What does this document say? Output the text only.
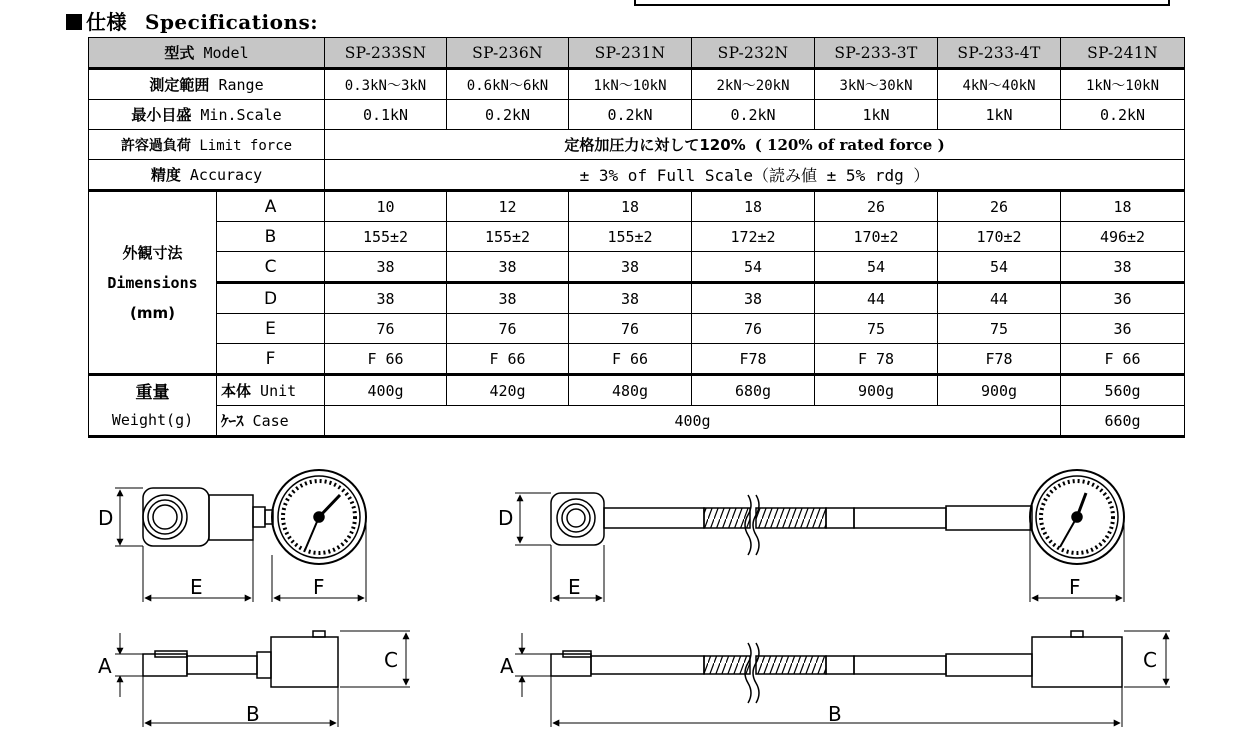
仕様 Specifications:
型式 Model		SP-233SN	SP-236N	SP-231N	SP-232N	SP-233-3T	SP-233-4T	SP-241N
測定範囲 Range		0.3kN～3kN	0.6kN～6kN	1kN～10kN	2kN～20kN	3kN～30kN	4kN～40kN	1kN～10kN
最小目盛 Min.Scale		0.1kN	0.2kN	0.2kN	0.2kN	1kN	1kN	0.2kN
許容過負荷 Limit force		定格加圧力に対して120% ( 120% of rated force )						
精度 Accuracy		± 3% of Full Scale（読み値 ± 5% rdg ）						

外観寸法
Dimensions
(mm)	A	10	12	18	18	26	26	18
	B	155±2	155±2	155±2	172±2	170±2	170±2	496±2
	C	38	38	38	54	54	54	38
	D	38	38	38	38	44	44	36
	E	76	76	76	76	75	75	36
	F	F 66	F 66	F 66	F78	F 78	F78	F 66
重量	本体 Unit	400g	420g	480g	680g	900g	900g	560g
Weight(g)	ｹｰｽ Case	400g						660g
D
E	F
A	C
B
D
E	F
A	C
B
